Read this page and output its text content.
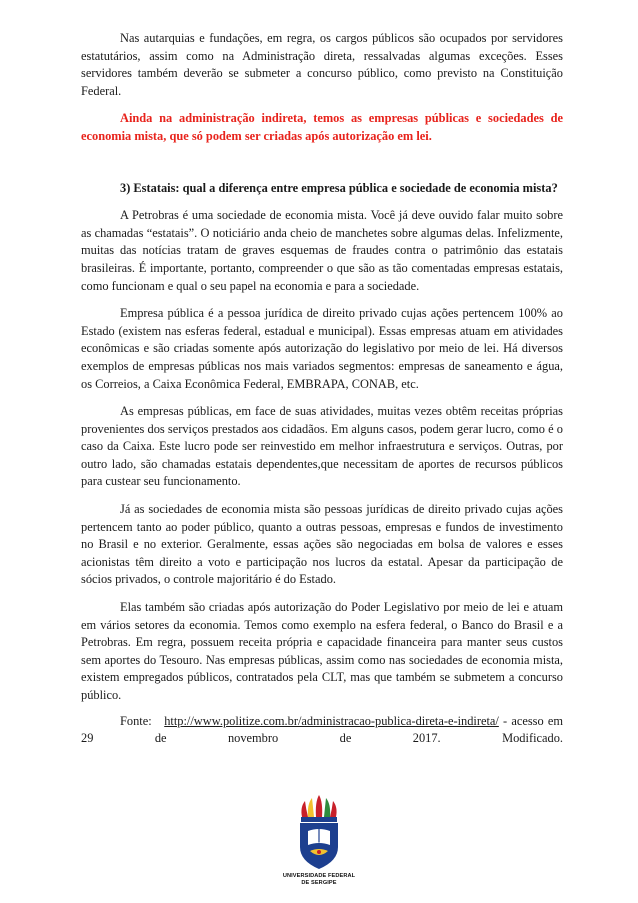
Nas autarquias e fundações, em regra, os cargos públicos são ocupados por servidores estatutários, assim como na Administração direta, ressalvadas algumas exceções. Esses servidores também deverão se submeter a concurso público, como previsto na Constituição Federal.

Ainda na administração indireta, temos as empresas públicas e sociedades de economia mista, que só podem ser criadas após autorização em lei.

3) Estatais: qual a diferença entre empresa pública e sociedade de economia mista?

A Petrobras é uma sociedade de economia mista. Você já deve ouvido falar muito sobre as chamadas “estatais”. O noticiário anda cheio de manchetes sobre algumas delas. Infelizmente, muitas das notícias tratam de graves esquemas de fraudes contra o patrimônio das estatais brasileiras. É importante, portanto, compreender o que são as tão comentadas empresas estatais, como funcionam e qual o seu papel na economia e para a sociedade.

Empresa pública é a pessoa jurídica de direito privado cujas ações pertencem 100% ao Estado (existem nas esferas federal, estadual e municipal). Essas empresas atuam em atividades econômicas e são criadas somente após autorização do legislativo por meio de lei. Há diversos exemplos de empresas públicas nos mais variados segmentos: empresas de saneamento e água, os Correios, a Caixa Econômica Federal, EMBRAPA, CONAB, etc.

As empresas públicas, em face de suas atividades, muitas vezes obtêm receitas próprias provenientes dos serviços prestados aos cidadãos. Em alguns casos, podem gerar lucro, como é o caso da Caixa. Este lucro pode ser reinvestido em melhor infraestrutura e serviços. Outras, por outro lado, são chamadas estatais dependentes,que necessitam de aportes de recursos públicos para custear seu funcionamento.

Já as sociedades de economia mista são pessoas jurídicas de direito privado cujas ações pertencem tanto ao poder público, quanto a outras pessoas, empresas e fundos de investimento no Brasil e no exterior. Geralmente, essas ações são negociadas em bolsa de valores e esses acionistas têm direito a voto e participação nos lucros da estatal. Apesar da participação de sócios privados, o controle majoritário é do Estado.

Elas também são criadas após autorização do Poder Legislativo por meio de lei e atuam em vários setores da economia. Temos como exemplo na esfera federal, o Banco do Brasil e a Petrobras. Em regra, possuem receita própria e capacidade financeira para manter seus custos sem aportes do Tesouro. Nas empresas públicas, assim como nas sociedades de economia mista, existem empregados públicos, contratados pela CLT, mas que também se submetem a concurso público.

Fonte: http://www.politize.com.br/administracao-publica-direta-e-indireta/ - acesso em 29 de novembro de 2017. Modificado.

UNIVERSIDADE FEDERAL
DE SERGIPE
